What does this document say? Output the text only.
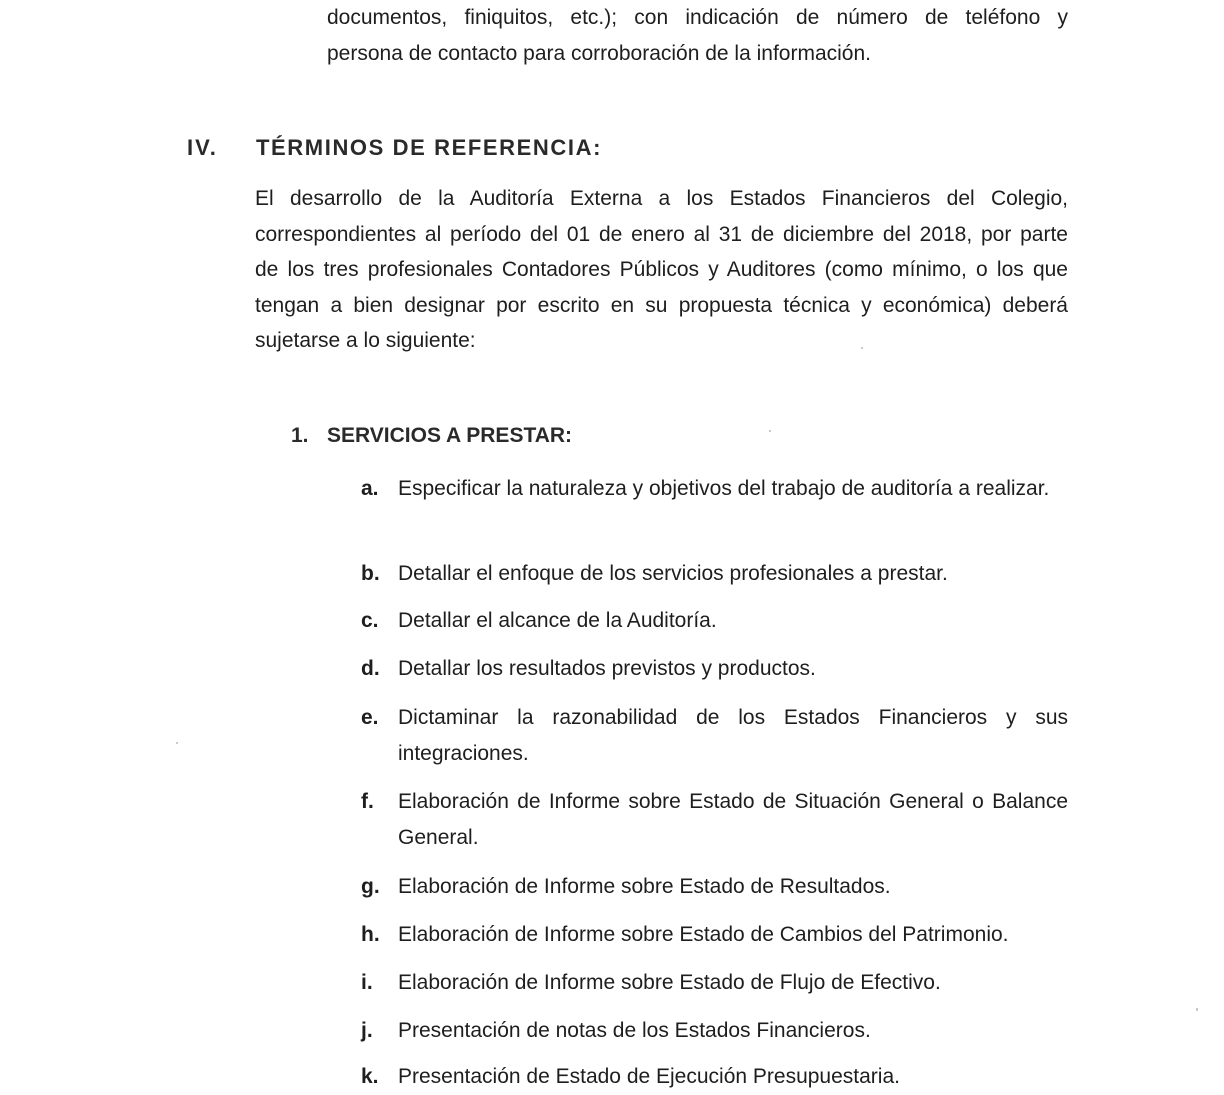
documentos, finiquitos, etc.); con indicación de número de teléfono y
persona de contacto para corroboración de la información.
IV. TÉRMINOS DE REFERENCIA:
El desarrollo de la Auditoría Externa a los Estados Financieros del Colegio,
correspondientes al período del 01 de enero al 31 de diciembre del 2018, por parte
de los tres profesionales Contadores Públicos y Auditores (como mínimo, o los que
tengan a bien designar por escrito en su propuesta técnica y económica) deberá
sujetarse a lo siguiente:
1. SERVICIOS A PRESTAR:
a. Especificar la naturaleza y objetivos del trabajo de auditoría a realizar.
b. Detallar el enfoque de los servicios profesionales a prestar.
c. Detallar el alcance de la Auditoría.
d. Detallar los resultados previstos y productos.
e. Dictaminar la razonabilidad de los Estados Financieros y sus integraciones.
f. Elaboración de Informe sobre Estado de Situación General o Balance General.
g. Elaboración de Informe sobre Estado de Resultados.
h. Elaboración de Informe sobre Estado de Cambios del Patrimonio.
i. Elaboración de Informe sobre Estado de Flujo de Efectivo.
j. Presentación de notas de los Estados Financieros.
k. Presentación de Estado de Ejecución Presupuestaria.
